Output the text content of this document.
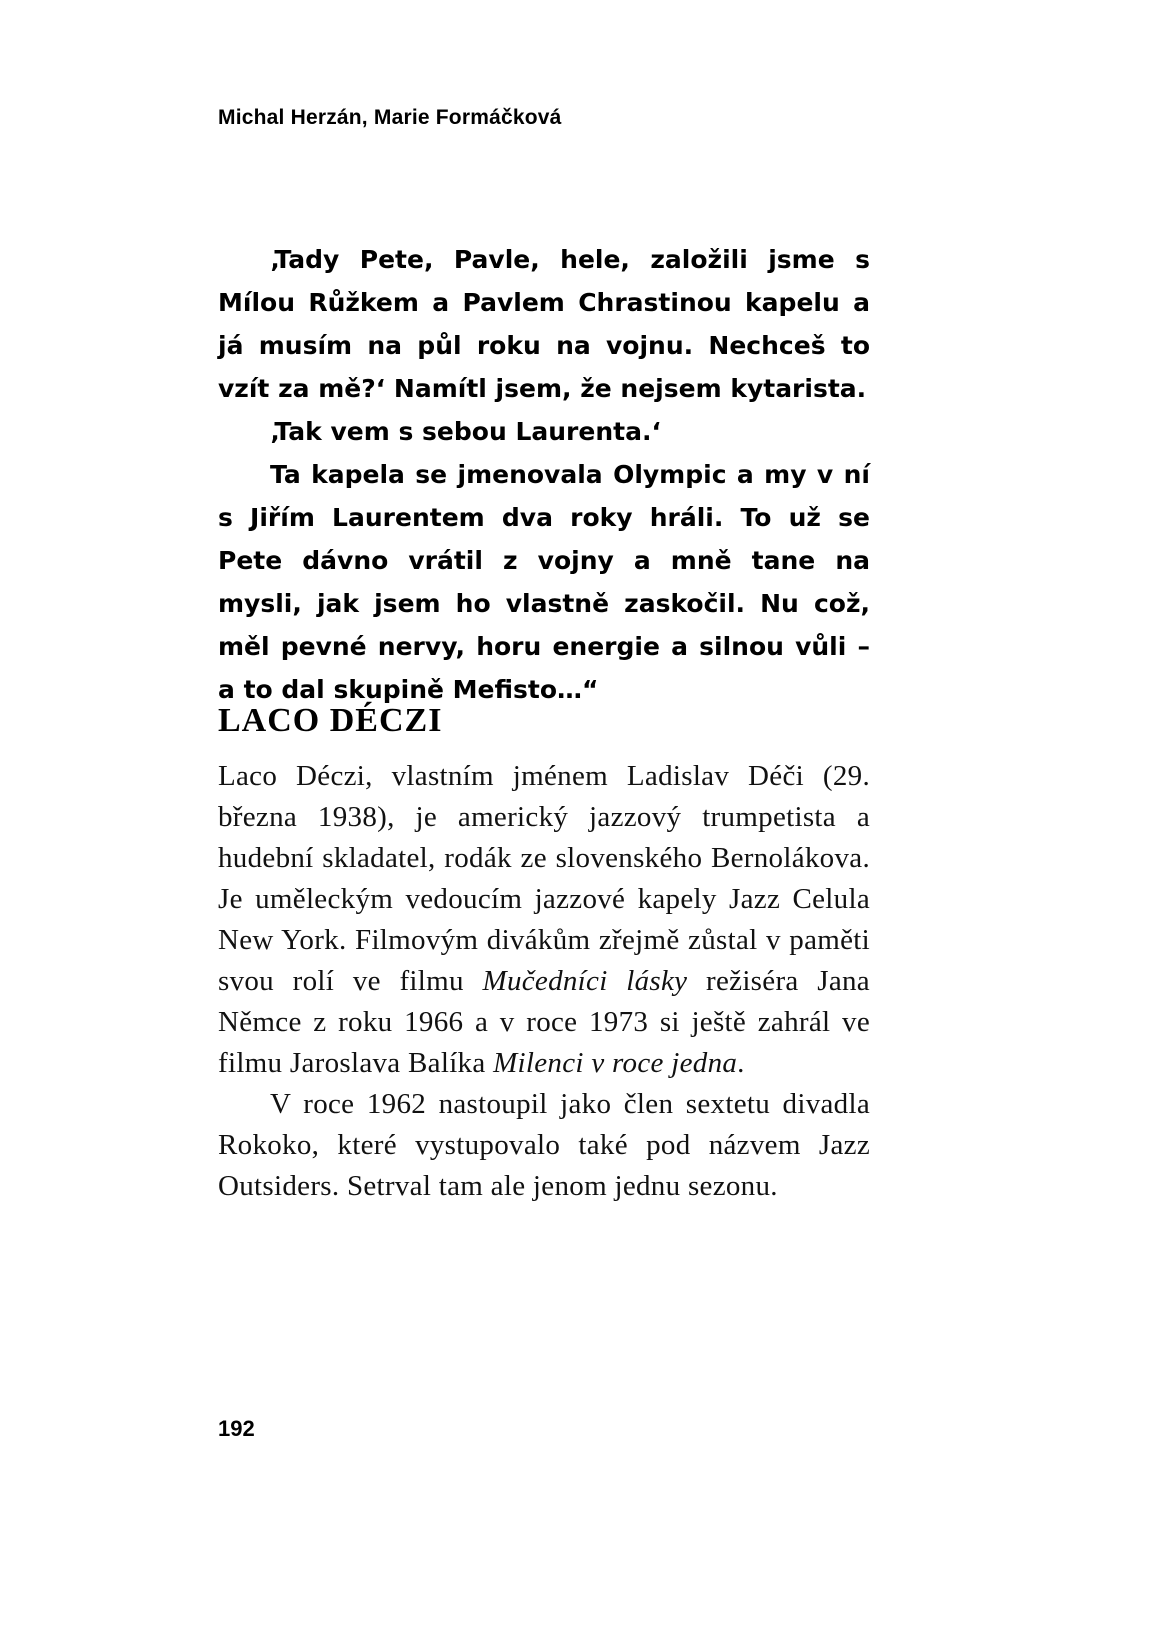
Michal Herzán, Marie Formáčková

‚Tady Pete, Pavle, hele, založili jsme s Mílou Růžkem a Pavlem Chrastinou kapelu a já musím na půl roku na vojnu. Nechceš to vzít za mě?‘ Namítl jsem, že nejsem kytarista.

‚Tak vem s sebou Laurenta.‘

Ta kapela se jmenovala Olympic a my v ní s Jiřím Laurentem dva roky hráli. To už se Pete dávno vrátil z vojny a mně tane na mysli, jak jsem ho vlastně zaskočil. Nu což, měl pevné nervy, horu energie a silnou vůli – a to dal skupině Mefisto…“

LACO DÉCZI

Laco Déczi, vlastním jménem Ladislav Déči (29. března 1938), je americký jazzový trumpetista a hudební skladatel, rodák ze slovenského Bernolákova. Je uměleckým vedoucím jazzové kapely Jazz Celula New York. Filmovým divákům zřejmě zůstal v paměti svou rolí ve filmu Mučedníci lásky režiséra Jana Němce z roku 1966 a v roce 1973 si ještě zahrál ve filmu Jaroslava Balíka Milenci v roce jedna.

V roce 1962 nastoupil jako člen sextetu divadla Rokoko, které vystupovalo také pod názvem Jazz Outsiders. Setrval tam ale jenom jednu sezonu.

192
